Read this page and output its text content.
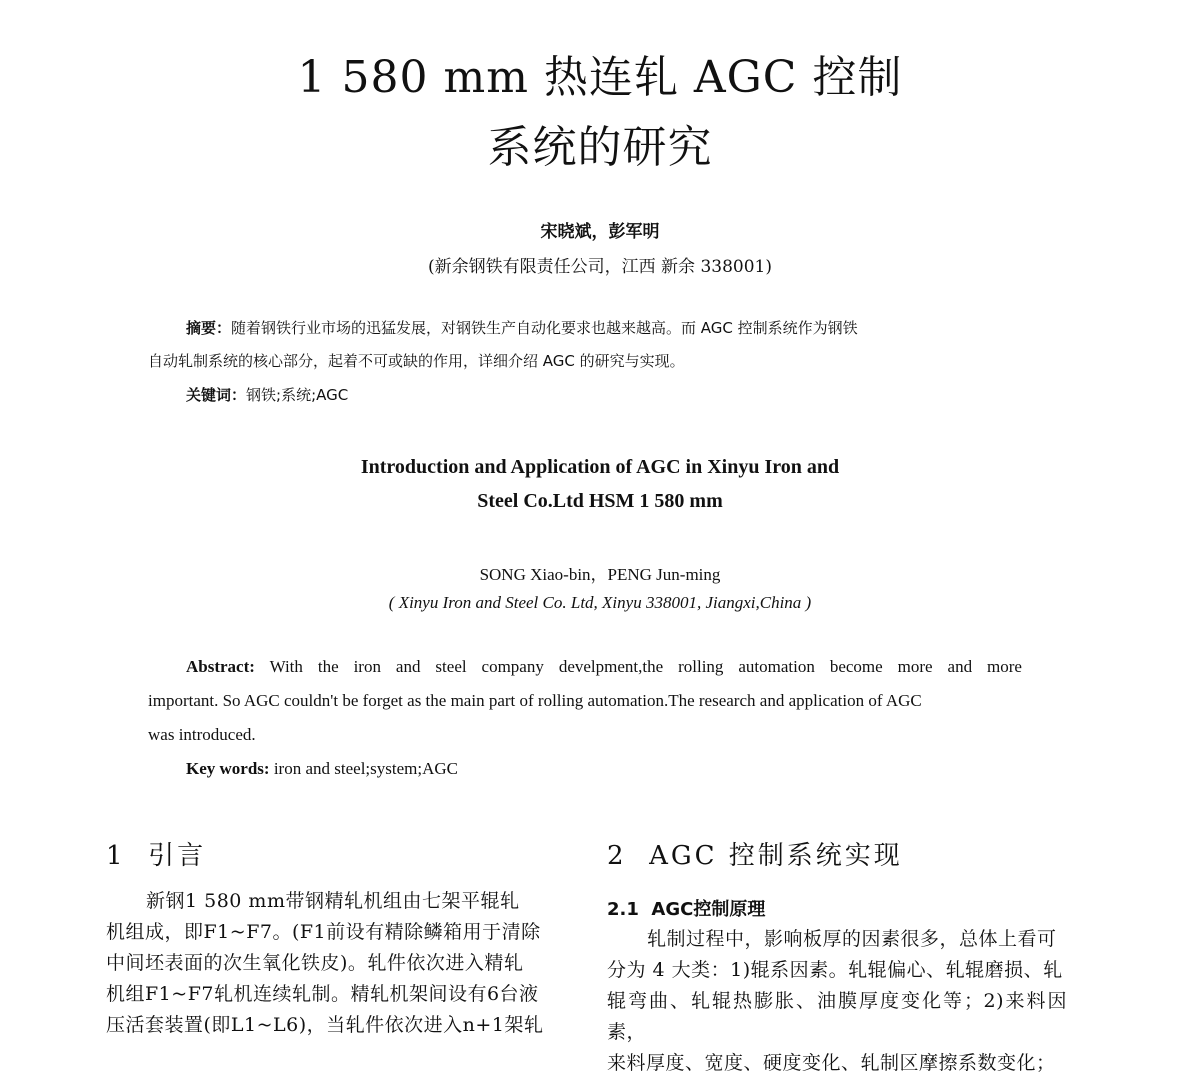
1 580 mm 热连轧 AGC 控制
系统的研究
宋晓斌，彭军明
(新余钢铁有限责任公司，江西 新余 338001)
摘要：随着钢铁行业市场的迅猛发展，对钢铁生产自动化要求也越来越高。而 AGC 控制系统作为钢铁
自动轧制系统的核心部分，起着不可或缺的作用，详细介绍 AGC 的研究与实现。
关键词：钢铁;系统;AGC
Introduction and Application of AGC in Xinyu Iron and
Steel Co.Ltd HSM 1 580 mm
SONG Xiao-bin，PENG Jun-ming
( Xinyu Iron and Steel Co. Ltd, Xinyu 338001, Jiangxi,China )
Abstract: With the iron and steel company develpment,the rolling automation become more and more
important. So AGC couldn't be forget as the main part of rolling automation.The research and application of AGC
was introduced.
Key words: iron and steel;system;AGC
1  引言
新钢1 580 mm带钢精轧机组由七架平辊轧
机组成，即F1~F7。(F1前设有精除鳞箱用于清除
中间坯表面的次生氧化铁皮)。轧件依次进入精轧
机组F1~F7轧机连续轧制。精轧机架间设有6台液
压活套装置(即L1~L6)，当轧件依次进入n+1架轧
2  AGC 控制系统实现
2.1  AGC控制原理
轧制过程中，影响板厚的因素很多，总体上看可
分为 4 大类：1)辊系因素。轧辊偏心、轧辊磨损、轧
辊弯曲、轧辊热膨胀、油膜厚度变化等；2)来料因素，
来料厚度、宽度、硬度变化、轧制区摩擦系数变化；
